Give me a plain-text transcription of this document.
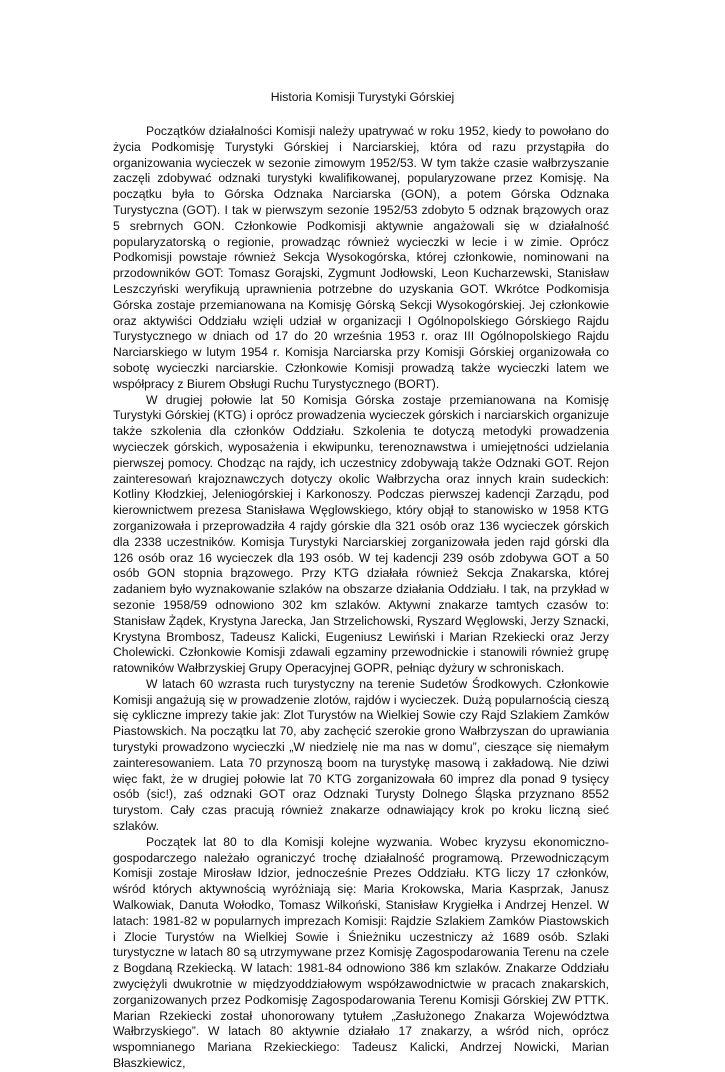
Historia Komisji Turystyki Górskiej

Początków działalności Komisji należy upatrywać w roku 1952, kiedy to powołano do życia Podkomisję Turystyki Górskiej i Narciarskiej, która od razu przystąpiła do organizowania wycieczek w sezonie zimowym 1952/53. W tym także czasie wałbrzyszanie zaczęli zdobywać odznaki turystyki kwalifikowanej, popularyzowane przez Komisję. Na początku była to Górska Odznaka Narciarska (GON), a potem Górska Odznaka Turystyczna (GOT). I tak w pierwszym sezonie 1952/53 zdobyto 5 odznak brązowych oraz 5 srebrnych GON. Członkowie Podkomisji aktywnie angażowali się w działalność popularyzatorską o regionie, prowadząc również wycieczki w lecie i w zimie. Oprócz Podkomisji powstaje również Sekcja Wysokogórska, której członkowie, nominowani na przodowników GOT: Tomasz Gorajski, Zygmunt Jodłowski, Leon Kucharzewski, Stanisław Leszczyński weryfikują uprawnienia potrzebne do uzyskania GOT. Wkrótce Podkomisja Górska zostaje przemianowana na Komisję Górską Sekcji Wysokogórskiej. Jej członkowie oraz aktywiści Oddziału wzięli udział w organizacji I Ogólnopolskiego Górskiego Rajdu Turystycznego w dniach od 17 do 20 września 1953 r. oraz III Ogólnopolskiego Rajdu Narciarskiego w lutym 1954 r. Komisja Narciarska przy Komisji Górskiej organizowała co sobotę wycieczki narciarskie. Członkowie Komisji prowadzą także wycieczki latem we współpracy z Biurem Obsługi Ruchu Turystycznego (BORT).

W drugiej połowie lat 50 Komisja Górska zostaje przemianowana na Komisję Turystyki Górskiej (KTG) i oprócz prowadzenia wycieczek górskich i narciarskich organizuje także szkolenia dla członków Oddziału. Szkolenia te dotyczą metodyki prowadzenia wycieczek górskich, wyposażenia i ekwipunku, terenoznawstwa i umiejętności udzielania pierwszej pomocy. Chodząc na rajdy, ich uczestnicy zdobywają także Odznaki GOT. Rejon zainteresowań krajoznawczych dotyczy okolic Wałbrzycha oraz innych krain sudeckich: Kotliny Kłodzkiej, Jeleniogórskiej i Karkonoszy. Podczas pierwszej kadencji Zarządu, pod kierownictwem prezesa Stanisława Węglowskiego, który objął to stanowisko w 1958 KTG zorganizowała i przeprowadziła 4 rajdy górskie dla 321 osób oraz 136 wycieczek górskich dla 2338 uczestników. Komisja Turystyki Narciarskiej zorganizowała jeden rajd górski dla 126 osób oraz 16 wycieczek dla 193 osób. W tej kadencji 239 osób zdobywa GOT a 50 osób GON stopnia brązowego. Przy KTG działała również Sekcja Znakarska, której zadaniem było wyznakowanie szlaków na obszarze działania Oddziału. I tak, na przykład w sezonie 1958/59 odnowiono 302 km szlaków. Aktywni znakarze tamtych czasów to: Stanisław Żądek, Krystyna Jarecka, Jan Strzelichowski, Ryszard Węglowski, Jerzy Sznacki, Krystyna Brombosz, Tadeusz Kalicki, Eugeniusz Lewiński i Marian Rzekiecki oraz Jerzy Cholewicki. Członkowie Komisji zdawali egzaminy przewodnickie i stanowili również grupę ratowników Wałbrzyskiej Grupy Operacyjnej GOPR, pełniąc dyżury w schroniskach.

W latach 60 wzrasta ruch turystyczny na terenie Sudetów Środkowych. Członkowie Komisji angażują się w prowadzenie zlotów, rajdów i wycieczek. Dużą popularnością cieszą się cykliczne imprezy takie jak: Zlot Turystów na Wielkiej Sowie czy Rajd Szlakiem Zamków Piastowskich. Na początku lat 70, aby zachęcić szerokie grono Wałbrzyszan do uprawiania turystyki prowadzono wycieczki „W niedzielę nie ma nas w domu”, cieszące się niemałym zainteresowaniem. Lata 70 przynoszą boom na turystykę masową i zakładową. Nie dziwi więc fakt, że w drugiej połowie lat 70 KTG zorganizowała 60 imprez dla ponad 9 tysięcy osób (sic!), zaś odznaki GOT oraz Odznaki Turysty Dolnego Śląska przyznano 8552 turystom. Cały czas pracują również znakarze odnawiający krok po kroku liczną sieć szlaków.

Początek lat 80 to dla Komisji kolejne wyzwania. Wobec kryzysu ekonomiczno-gospodarczego należało ograniczyć trochę działalność programową. Przewodniczącym Komisji zostaje Mirosław Idzior, jednocześnie Prezes Oddziału. KTG liczy 17 członków, wśród których aktywnością wyróżniają się: Maria Krokowska, Maria Kasprzak, Janusz Walkowiak, Danuta Wołodko, Tomasz Wilkoński, Stanisław Krygiełka i Andrzej Henzel. W latach: 1981-82 w popularnych imprezach Komisji: Rajdzie Szlakiem Zamków Piastowskich i Zlocie Turystów na Wielkiej Sowie i Śnieżniku uczestniczy aż 1689 osób. Szlaki turystyczne w latach 80 są utrzymywane przez Komisję Zagospodarowania Terenu na czele z Bogdaną Rzekiecką. W latach: 1981-84 odnowiono 386 km szlaków. Znakarze Oddziału zwyciężyli dwukrotnie w międzyoddziałowym współzawodnictwie w pracach znakarskich, zorganizowanych przez Podkomisję Zagospodarowania Terenu Komisji Górskiej ZW PTTK. Marian Rzekiecki został uhonorowany tytułem „Zasłużonego Znakarza Województwa Wałbrzyskiego”. W latach 80 aktywnie działało 17 znakarzy, a wśród nich, oprócz wspomnianego Mariana Rzekieckiego: Tadeusz Kalicki, Andrzej Nowicki, Marian Błaszkiewicz,
